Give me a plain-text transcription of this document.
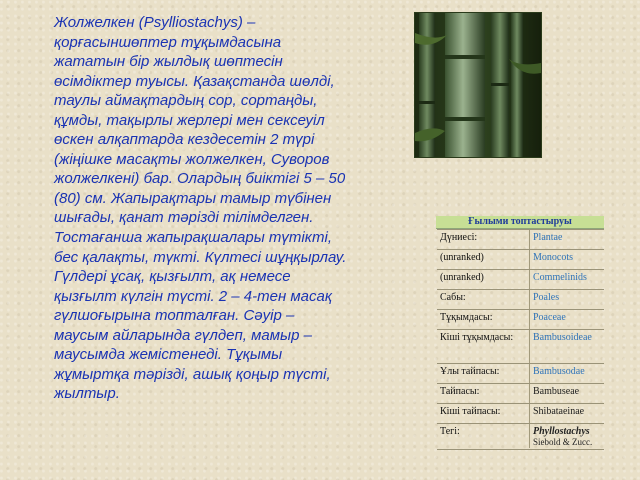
Жолжелкен (Psylliostachys) – қорғасыншөптер тұқымдасына жататын бір жылдық шөптесін өсімдіктер туысы. Қазақстанда шөлді, таулы аймақтардың сор, сортаңды, құмды, тақырлы жерлері мен сексеуіл өскен алқаптарда кездесетін 2 түрі (жіңішке масақты жолжелкен, Суворов жолжелкені) бар. Олардың биіктігі 5 – 50 (80) см. Жапырақтары тамыр түбінен шығады, қанат тәрізді тілімделген. Тостағанша жапырақшалары түтікті, бес қалақты, түкті. Күлтесі шұңқырлау. Гүлдері ұсақ, қызғылт, ақ немесе қызғылт күлгін түсті. 2 – 4-тен масақ гүлшоғырына топталған. Сәуір – маусым айларында гүлдеп, мамыр – маусымда жемістенеді. Тұқымы жұмыртқа тәрізді, ашық қоңыр түсті, жылтыр.

Ғылыми топтастыруы
Дүниесі:	Plantae
(unranked)	Monocots
(unranked)	Commelinids
Сабы:	Poales
Тұқымдасы:	Poaceae
Кіші тұқымдасы:	Bambusoideae
Ұлы тайпасы:	Bambusodae
Тайпасы:	Bambuseae
Кіші тайпасы:	Shibataeinae
Тегі:	Phyllostachys
Siebold & Zucc.
